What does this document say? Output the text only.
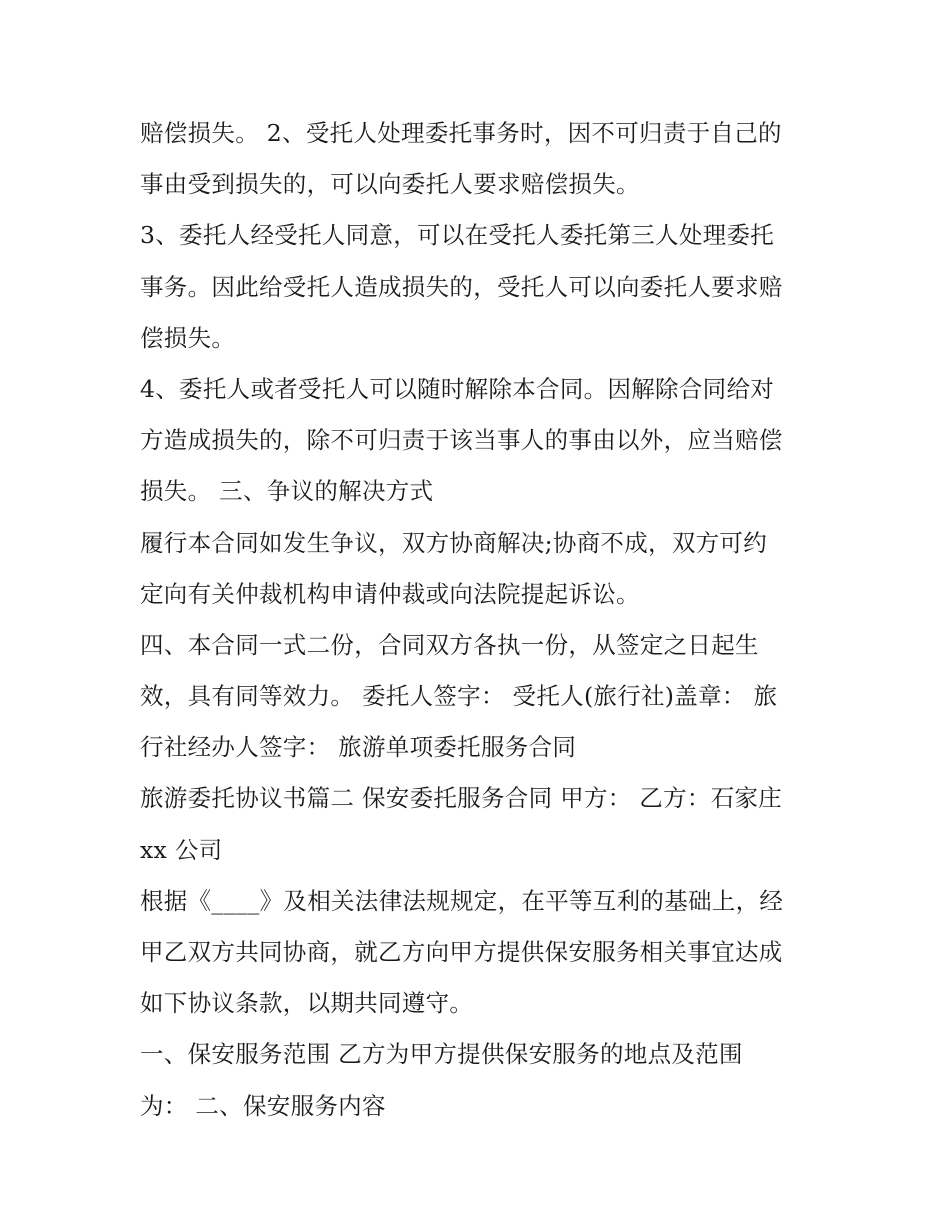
赔偿损失。 2、受托人处理委托事务时，因不可归责于自己的
事由受到损失的，可以向委托人要求赔偿损失。
3、委托人经受托人同意，可以在受托人委托第三人处理委托
事务。因此给受托人造成损失的，受托人可以向委托人要求赔
偿损失。
4、委托人或者受托人可以随时解除本合同。因解除合同给对
方造成损失的，除不可归责于该当事人的事由以外，应当赔偿
损失。 三、争议的解决方式
履行本合同如发生争议，双方协商解决;协商不成，双方可约
定向有关仲裁机构申请仲裁或向法院提起诉讼。
四、本合同一式二份，合同双方各执一份，从签定之日起生
效，具有同等效力。 委托人签字： 受托人(旅行社)盖章： 旅
行社经办人签字： 旅游单项委托服务合同
旅游委托协议书篇二 保安委托服务合同 甲方： 乙方：石家庄
xx 公司
根据《____》及相关法律法规规定，在平等互利的基础上，经
甲乙双方共同协商，就乙方向甲方提供保安服务相关事宜达成
如下协议条款，以期共同遵守。
一、保安服务范围 乙方为甲方提供保安服务的地点及范围
为： 二、保安服务内容
